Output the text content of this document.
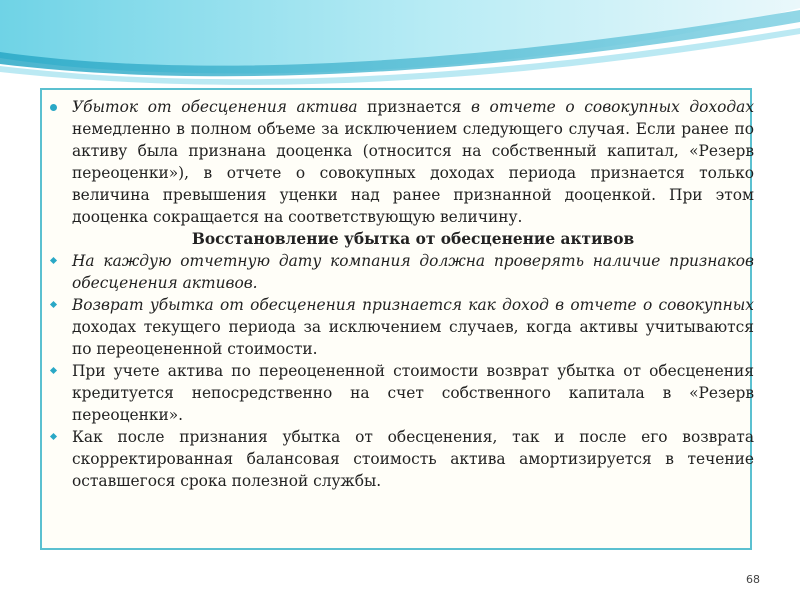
Убыток от обесценения актива признается в отчете о совокупных доходах немедленно в полном объеме за исключением следующего случая. Если ранее по активу была признана дооценка (относится на собственный капитал, «Резерв переоценки»), в отчете о совокупных доходах периода признается только величина превышения уценки над ранее признанной дооценкой. При этом дооценка сокращается на соответствующую величину.

Восстановление убытка от обесценение активов

На каждую отчетную дату компания должна проверять наличие признаков обесценения активов.

Возврат убытка от обесценения признается как доход в отчете о совокупных доходах текущего периода за исключением случаев, когда активы учитываются по переоцененной стоимости.

При учете актива по переоцененной стоимости возврат убытка от обесценения кредитуется непосредственно на счет собственного капитала в «Резерв переоценки».

Как после признания убытка от обесценения, так и после его возврата скорректированная балансовая стоимость актива амортизируется в течение оставшегося срока полезной службы.

68
